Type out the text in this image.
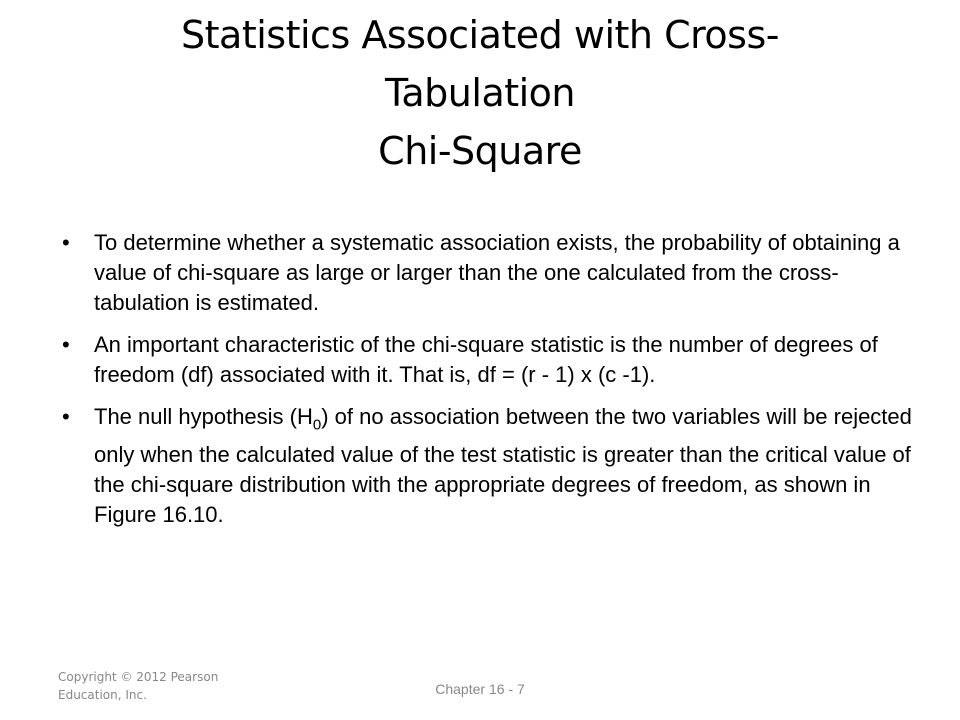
Statistics Associated with Cross-
Tabulation
Chi-Square
•	To determine whether a systematic association exists, the probability of obtaining a value of chi-square as large or larger than the one calculated from the cross-tabulation is estimated.
•	An important characteristic of the chi-square statistic is the number of degrees of freedom (df) associated with it. That is, df = (r - 1) x (c -1).
•	The null hypothesis $(H_0)$ of no association between the two variables will be rejected only when the calculated value of the test statistic is greater than the critical value of the chi-square distribution with the appropriate degrees of freedom, as shown in Figure 16.10.
Copyright © 2012 Pearson
Education, Inc.	Chapter 16 - 7
